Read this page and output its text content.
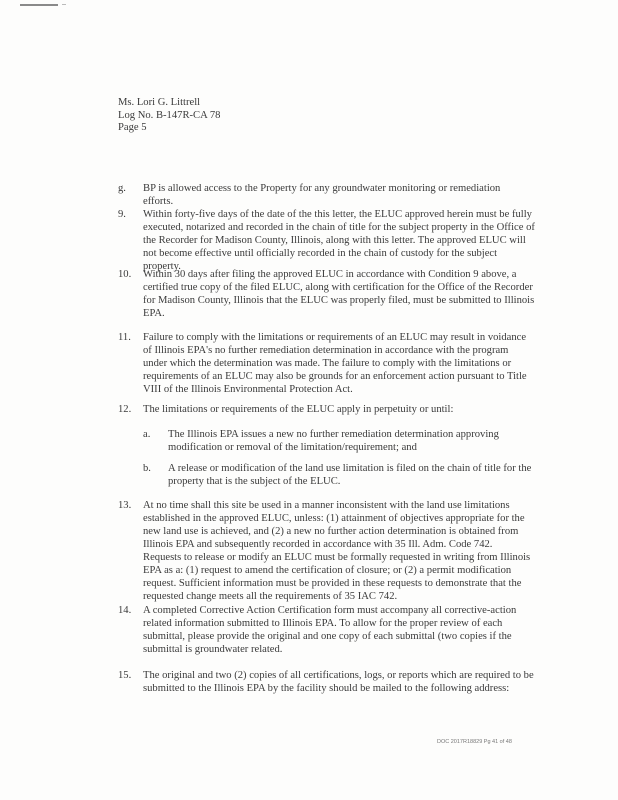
Ms. Lori G. Littrell
Log No. B-147R-CA 78
Page 5
g. BP is allowed access to the Property for any groundwater monitoring or remediation
efforts.
9. Within forty-five days of the date of the this letter, the ELUC approved herein must be fully
executed, notarized and recorded in the chain of title for the subject property in the Office of
the Recorder for Madison County, Illinois, along with this letter. The approved ELUC will
not become effective until officially recorded in the chain of custody for the subject
property.
10. Within 30 days after filing the approved ELUC in accordance with Condition 9 above, a
certified true copy of the filed ELUC, along with certification for the Office of the Recorder
for Madison County, Illinois that the ELUC was properly filed, must be submitted to Illinois
EPA.
11. Failure to comply with the limitations or requirements of an ELUC may result in voidance
of Illinois EPA's no further remediation determination in accordance with the program
under which the determination was made. The failure to comply with the limitations or
requirements of an ELUC may also be grounds for an enforcement action pursuant to Title
VIII of the Illinois Environmental Protection Act.
12. The limitations or requirements of the ELUC apply in perpetuity or until:
a. The Illinois EPA issues a new no further remediation determination approving
modification or removal of the limitation/requirement; and
b. A release or modification of the land use limitation is filed on the chain of title for the
property that is the subject of the ELUC.
13. At no time shall this site be used in a manner inconsistent with the land use limitations
established in the approved ELUC, unless: (1) attainment of objectives appropriate for the
new land use is achieved, and (2) a new no further action determination is obtained from
Illinois EPA and subsequently recorded in accordance with 35 Ill. Adm. Code 742.
Requests to release or modify an ELUC must be formally requested in writing from Illinois
EPA as a: (1) request to amend the certification of closure; or (2) a permit modification
request. Sufficient information must be provided in these requests to demonstrate that the
requested change meets all the requirements of 35 IAC 742.
14. A completed Corrective Action Certification form must accompany all corrective-action
related information submitted to Illinois EPA. To allow for the proper review of each
submittal, please provide the original and one copy of each submittal (two copies if the
submittal is groundwater related.
15. The original and two (2) copies of all certifications, logs, or reports which are required to be
submitted to the Illinois EPA by the facility should be mailed to the following address:
DOC 2017R18829 Pg 41 of 48
